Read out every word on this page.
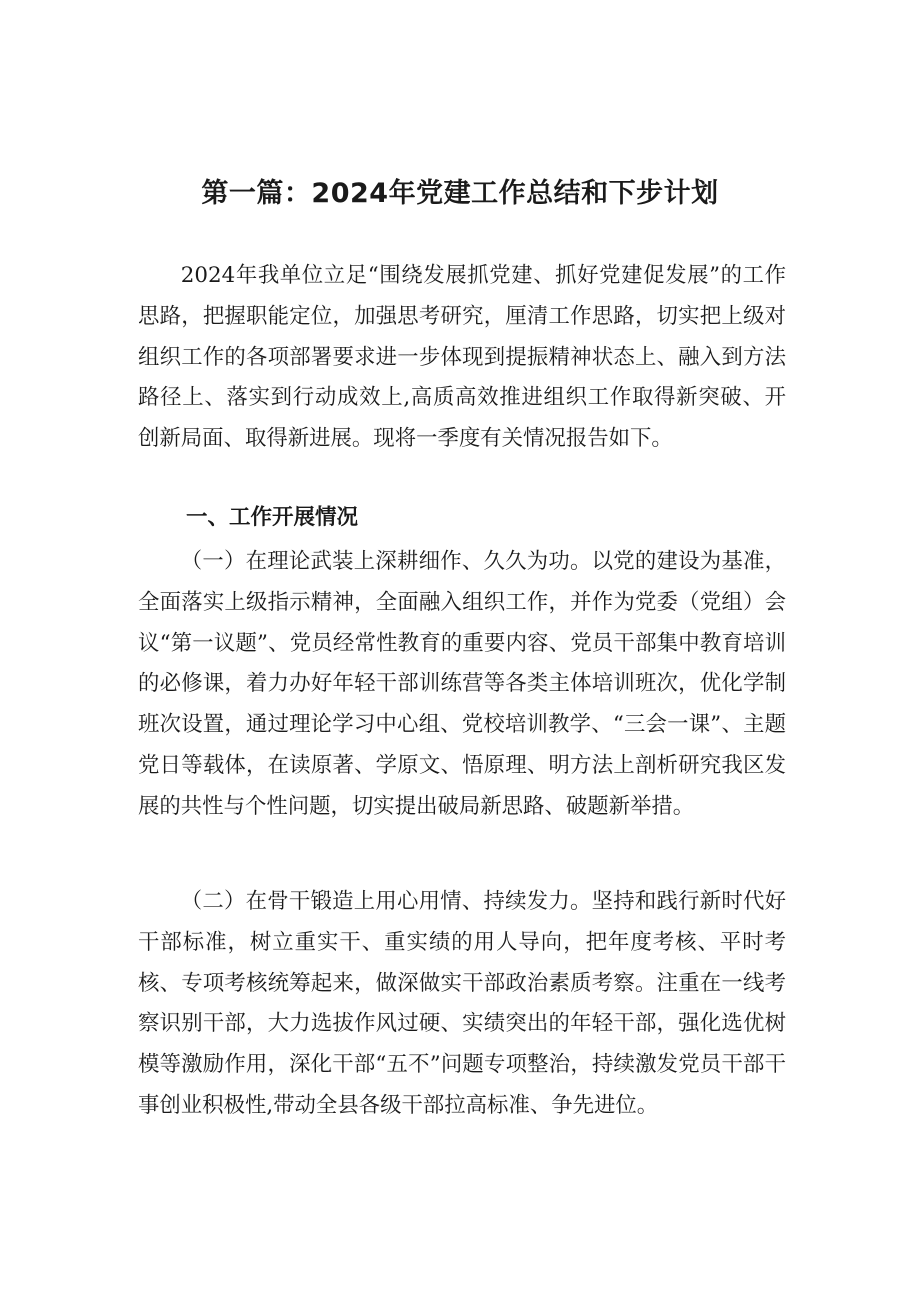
第一篇：2024年党建工作总结和下步计划

2024年我单位立足“围绕发展抓党建、抓好党建促发展”的工作思路，把握职能定位，加强思考研究，厘清工作思路，切实把上级对组织工作的各项部署要求进一步体现到提振精神状态上、融入到方法路径上、落实到行动成效上,高质高效推进组织工作取得新突破、开创新局面、取得新进展。现将一季度有关情况报告如下。

一、工作开展情况

（一）在理论武装上深耕细作、久久为功。以党的建设为基准，全面落实上级指示精神，全面融入组织工作，并作为党委（党组）会议“第一议题”、党员经常性教育的重要内容、党员干部集中教育培训的必修课，着力办好年轻干部训练营等各类主体培训班次，优化学制班次设置，通过理论学习中心组、党校培训教学、“三会一课”、主题党日等载体，在读原著、学原文、悟原理、明方法上剖析研究我区发展的共性与个性问题，切实提出破局新思路、破题新举措。

（二）在骨干锻造上用心用情、持续发力。坚持和践行新时代好干部标准，树立重实干、重实绩的用人导向，把年度考核、平时考核、专项考核统筹起来，做深做实干部政治素质考察。注重在一线考察识别干部，大力选拔作风过硬、实绩突出的年轻干部，强化选优树模等激励作用，深化干部“五不”问题专项整治，持续激发党员干部干事创业积极性,带动全县各级干部拉高标准、争先进位。
